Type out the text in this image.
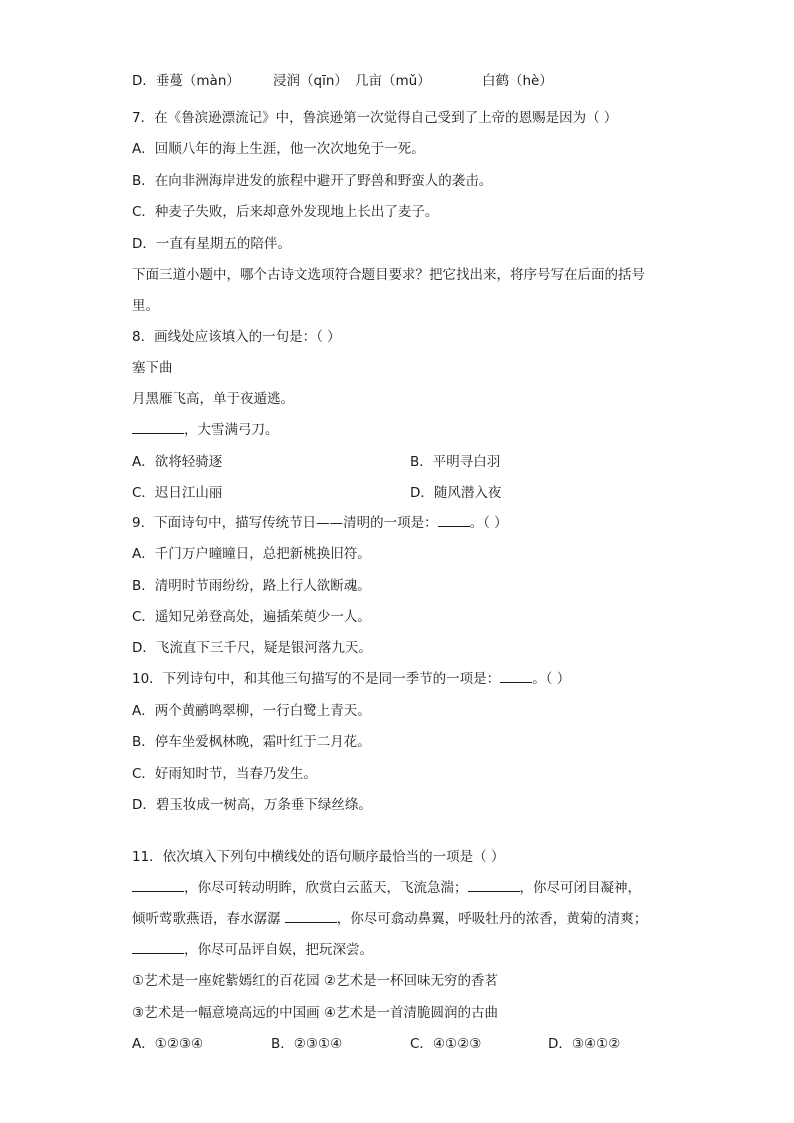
D．垂蔓（màn） 浸润（qīn） 几亩（mǔ）	白鹤（hè）
7．在《鲁滨逊漂流记》中，鲁滨逊第一次觉得自己受到了上帝的恩赐是因为（ ）
A．回顺八年的海上生涯，他一次次地免于一死。
B．在向非洲海岸进发的旅程中避开了野兽和野蛮人的袭击。
C．种麦子失败，后来却意外发现地上长出了麦子。
D．一直有星期五的陪伴。
下面三道小题中，哪个古诗文选项符合题目要求？把它找出来，将序号写在后面的括号
里。
8．画线处应该填入的一句是：（ ）
塞下曲
月黑雁飞高，单于夜遁逃。
，大雪满弓刀。
A．欲将轻骑逐	B．平明寻白羽
C．迟日江山丽	D．随风潜入夜
9．下面诗句中，描写传统节日——清明的一项是： 。（ ）
A．千门万户曈曈日，总把新桃换旧符。
B．清明时节雨纷纷，路上行人欲断魂。
C．遥知兄弟登高处，遍插茱萸少一人。
D．飞流直下三千尺，疑是银河落九天。
10．下列诗句中，和其他三句描写的不是同一季节的一项是： 。（ ）
A．两个黄鹂鸣翠柳，一行白鹭上青天。
B．停车坐爱枫林晚，霜叶红于二月花。
C．好雨知时节，当春乃发生。
D．碧玉妆成一树高，万条垂下绿丝绦。
11．依次填入下列句中横线处的语句顺序最恰当的一项是（ ）
，你尽可转动明眸，欣赏白云蓝天，飞流急湍；	，你尽可闭目凝神，
倾听莺歌燕语，春水潺潺	，你尽可翕动鼻翼，呼吸牡丹的浓香，黄菊的清爽；
，你尽可品评自娱，把玩深尝。
①艺术是一座姹紫嫣红的百花园 ②艺术是一杯回味无穷的香茗
③艺术是一幅意境高远的中国画 ④艺术是一首清脆圆润的古曲
A．①②③④	B．②③①④	C．④①②③	D．③④①②
